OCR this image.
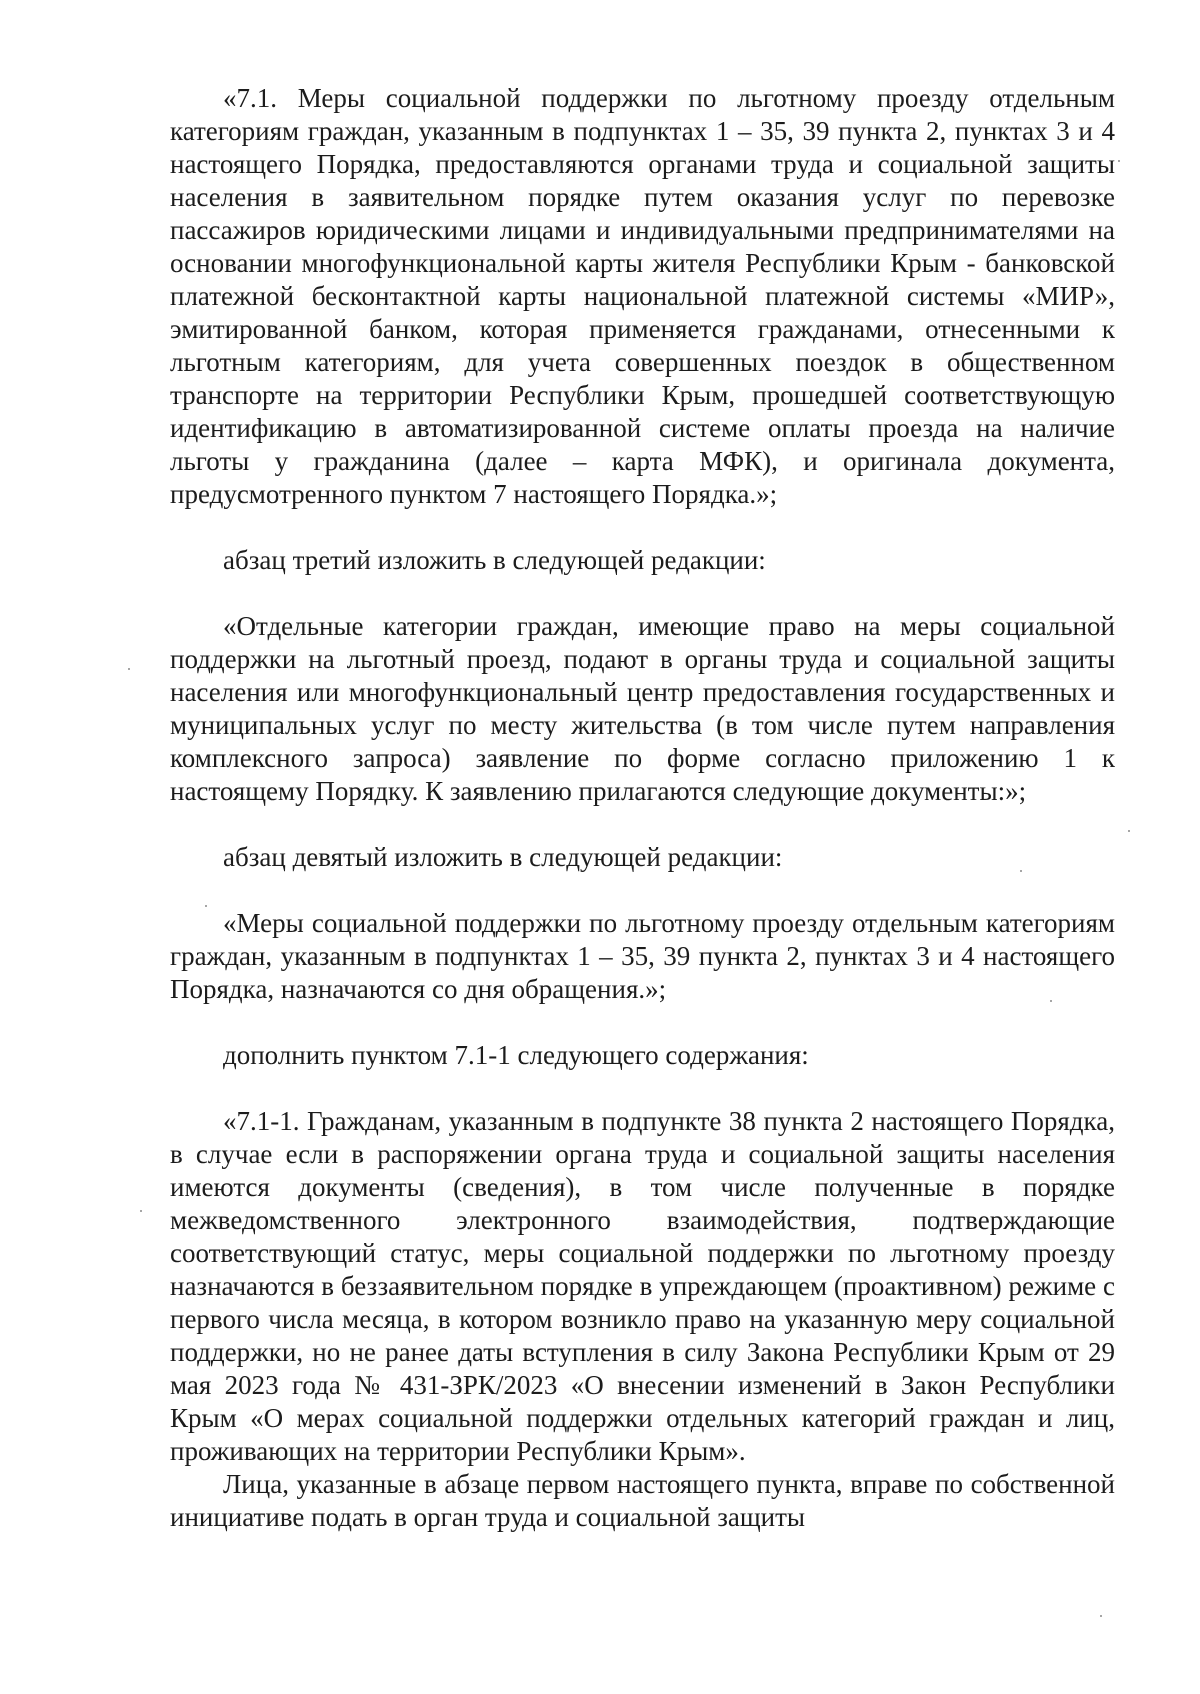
«7.1. Меры социальной поддержки по льготному проезду отдельным категориям граждан, указанным в подпунктах 1 – 35, 39 пункта 2, пунктах 3 и 4 настоящего Порядка, предоставляются органами труда и социальной защиты населения в заявительном порядке путем оказания услуг по перевозке пассажиров юридическими лицами и индивидуальными предпринимателями на основании многофункциональной карты жителя Республики Крым - банковской платежной бесконтактной карты национальной платежной системы «МИР», эмитированной банком, которая применяется гражданами, отнесенными к льготным категориям, для учета совершенных поездок в общественном транспорте на территории Республики Крым, прошедшей соответствующую идентификацию в автоматизированной системе оплаты проезда на наличие льготы у гражданина (далее – карта МФК), и оригинала документа, предусмотренного пунктом 7 настоящего Порядка.»;

абзац третий изложить в следующей редакции:

«Отдельные категории граждан, имеющие право на меры социальной поддержки на льготный проезд, подают в органы труда и социальной защиты населения или многофункциональный центр предоставления государственных и муниципальных услуг по месту жительства (в том числе путем направления комплексного запроса) заявление по форме согласно приложению 1 к настоящему Порядку. К заявлению прилагаются следующие документы:»;

абзац девятый изложить в следующей редакции:

«Меры социальной поддержки по льготному проезду отдельным категориям граждан, указанным в подпунктах 1 – 35, 39 пункта 2, пунктах 3 и 4 настоящего Порядка, назначаются со дня обращения.»;

дополнить пунктом 7.1-1 следующего содержания:

«7.1-1. Гражданам, указанным в подпункте 38 пункта 2 настоящего Порядка, в случае если в распоряжении органа труда и социальной защиты населения имеются документы (сведения), в том числе полученные в порядке межведомственного электронного взаимодействия, подтверждающие соответствующий статус, меры социальной поддержки по льготному проезду назначаются в беззаявительном порядке в упреждающем (проактивном) режиме с первого числа месяца, в котором возникло право на указанную меру социальной поддержки, но не ранее даты вступления в силу Закона Республики Крым от 29 мая 2023 года № 431-ЗРК/2023 «О внесении изменений в Закон Республики Крым «О мерах социальной поддержки отдельных категорий граждан и лиц, проживающих на территории Республики Крым».

Лица, указанные в абзаце первом настоящего пункта, вправе по собственной инициативе подать в орган труда и социальной защиты
